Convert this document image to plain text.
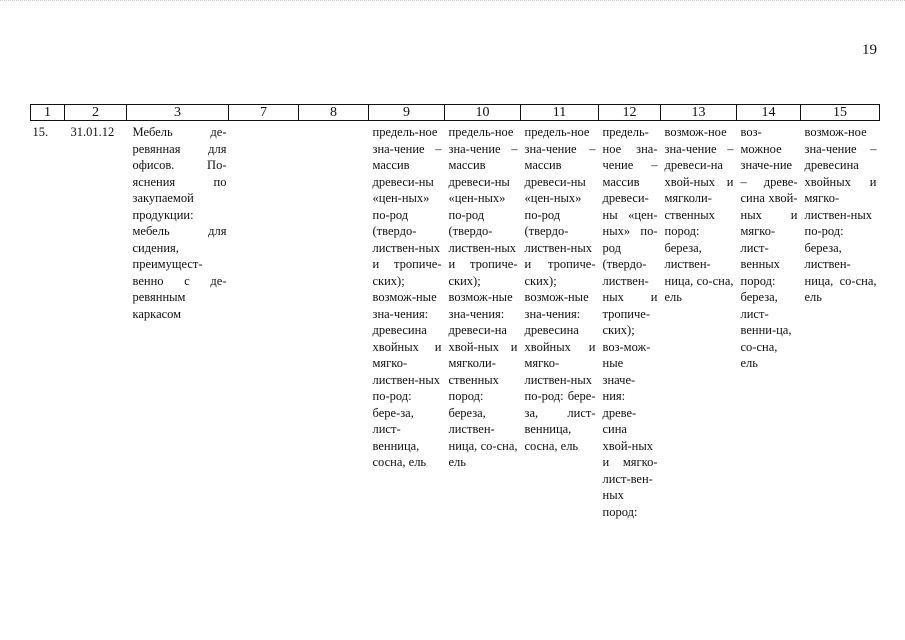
19
1	2	3	7	8	9	10	11	12	13	14	15
15.	31.01.12	Мебель де-ревянная для офисов. По-яснения по закупаемой продукции: мебель для сидения, преимущест-венно с де-ревянным каркасом			предель-ное зна-чение – массив древеси-ны «цен-ных» по-род (твердо-листвен-ных и тропиче-ских); возмож-ные зна-чения: древесина хвойных и мягко-листвен-ных по-род: бере-за, лист-венница, сосна, ель	предель-ное зна-чение – массив древеси-ны «цен-ных» по-род (твердо-листвен-ных и тропиче-ских); возмож-ные зна-чения: древеси-на хвой-ных и мягколи-ственных пород: береза, листвен-ница, со-сна, ель	предель-ное зна-чение – массив древеси-ны «цен-ных» по-род (твердо-листвен-ных и тропиче-ских); возмож-ные зна-чения: древесина хвойных и мягко-листвен-ных по-род: бере-за, лист-венница, сосна, ель	предель-ное зна-чение – массив древеси-ны «цен-ных» по-род (твердо-листвен-ных и тропиче-ских); воз-мож-ные значе-ния: древе-сина хвой-ных и мягко-лист-вен-ных пород:	возмож-ное зна-чение – древеси-на хвой-ных и мягколи-ственных пород: береза, листвен-ница, со-сна, ель	воз-можное значе-ние – древе-сина хвой-ных и мягко-лист-венных пород: береза, лист-венни-ца, со-сна, ель	возмож-ное зна-чение – древесина хвойных и мягко-листвен-ных по-род: береза, листвен-ница, со-сна, ель
